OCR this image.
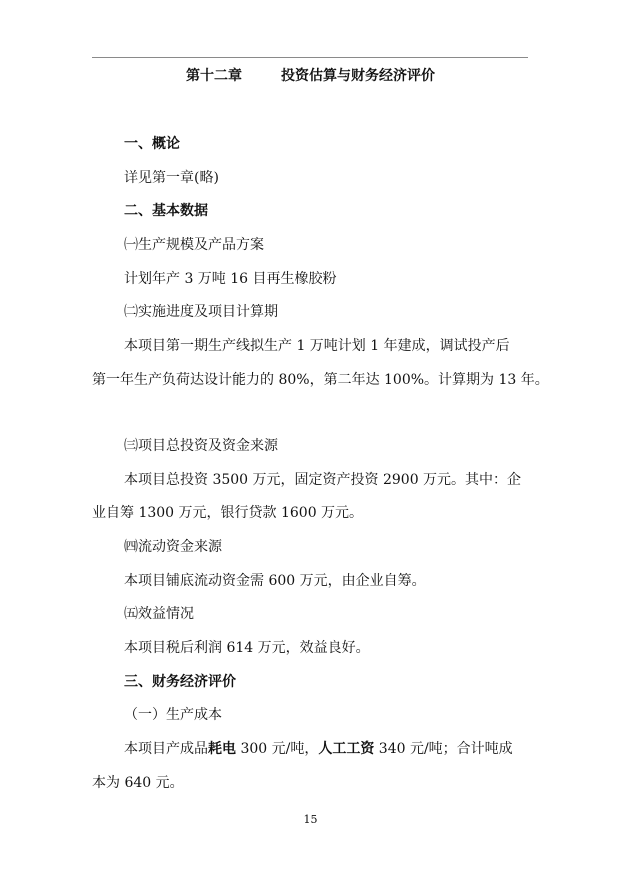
第十二章        投资估算与财务经济评价
一、概论
详见第一章(略)
二、基本数据
㈠生产规模及产品方案
计划年产 3 万吨 16 目再生橡胶粉
㈡实施进度及项目计算期
本项目第一期生产线拟生产 1 万吨计划 1 年建成，调试投产后
第一年生产负荷达设计能力的 80%，第二年达 100%。计算期为 13 年。
㈢项目总投资及资金来源
本项目总投资 3500 万元，固定资产投资 2900 万元。其中：企
业自筹 1300 万元，银行贷款 1600 万元。
㈣流动资金来源
本项目铺底流动资金需 600 万元，由企业自筹。
㈤效益情况
本项目税后利润 614 万元，效益良好。
三、财务经济评价
（一）生产成本
本项目产成品耗电 300 元/吨，人工工资 340 元/吨；合计吨成
本为 640 元。
15
